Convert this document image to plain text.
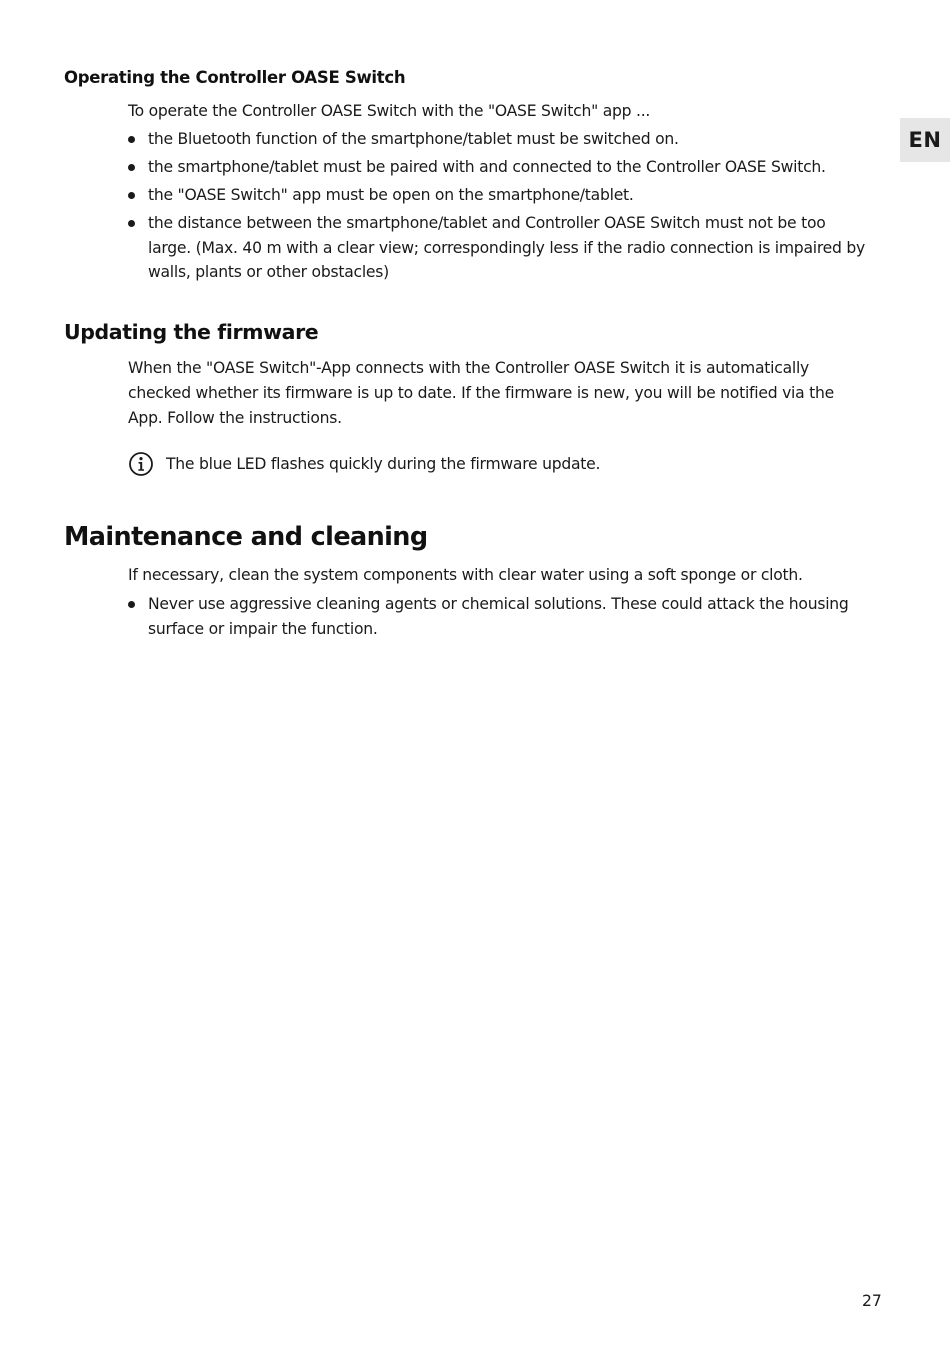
EN
Operating the Controller OASE Switch

To operate the Controller OASE Switch with the "OASE Switch" app ...

the Bluetooth function of the smartphone/tablet must be switched on.
the smartphone/tablet must be paired with and connected to the Controller OASE Switch.
the "OASE Switch" app must be open on the smartphone/tablet.
the distance between the smartphone/tablet and Controller OASE Switch must not be too large. (Max. 40 m with a clear view; correspondingly less if the radio connection is impaired by walls, plants or other obstacles)
Updating the firmware

When the "OASE Switch"-App connects with the Controller OASE Switch it is automatically checked whether its firmware is up to date. If the firmware is new, you will be notified via the App. Follow the instructions.

The blue LED flashes quickly during the firmware update.
Maintenance and cleaning

If necessary, clean the system components with clear water using a soft sponge or cloth.

Never use aggressive cleaning agents or chemical solutions. These could attack the housing surface or impair the function.
27
